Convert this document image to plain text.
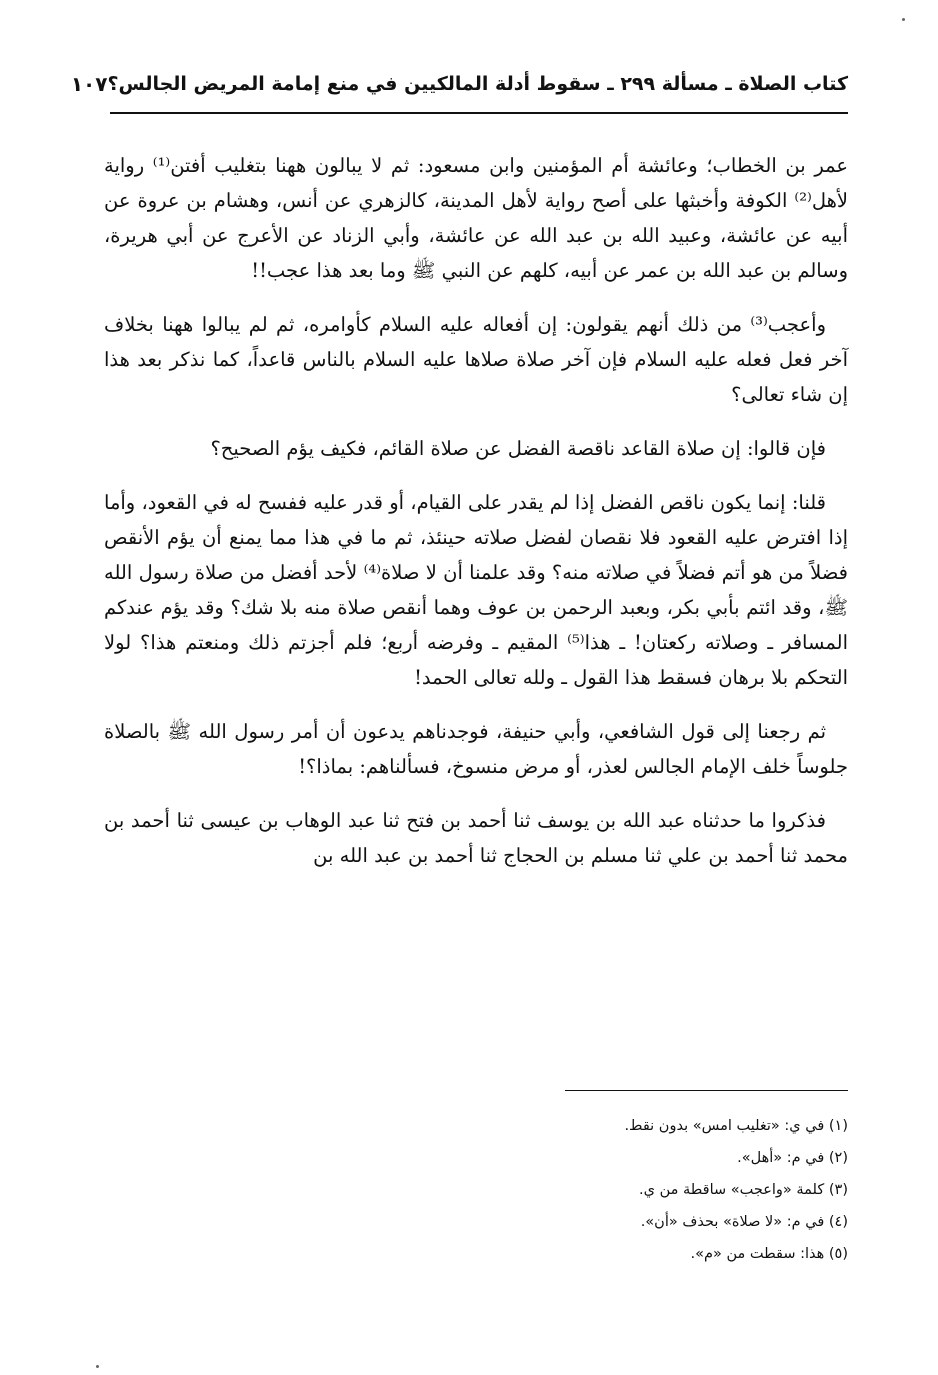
كتاب الصلاة ـ مسألة ٢٩٩ ـ سقوط أدلة المالكيين في منع إمامة المريض الجالس؟
١٠٧

عمر بن الخطاب؛ وعائشة أم المؤمنين وابن مسعود: ثم لا يبالون ههنا بتغليب أفتن⁽¹⁾ رواية لأهل⁽²⁾ الكوفة وأخبثها على أصح رواية لأهل المدينة، كالزهري عن أنس، وهشام بن عروة عن أبيه عن عائشة، وعبيد الله بن عبد الله عن عائشة، وأبي الزناد عن الأعرج عن أبي هريرة، وسالم بن عبد الله بن عمر عن أبيه، كلهم عن النبي ﷺ وما بعد هذا عجب!!

وأعجب⁽³⁾ من ذلك أنهم يقولون: إن أفعاله عليه السلام كأوامره، ثم لم يبالوا ههنا بخلاف آخر فعل فعله عليه السلام فإن آخر صلاة صلاها عليه السلام بالناس قاعداً، كما نذكر بعد هذا إن شاء تعالى؟

فإن قالوا: إن صلاة القاعد ناقصة الفضل عن صلاة القائم، فكيف يؤم الصحيح؟

قلنا: إنما يكون ناقص الفضل إذا لم يقدر على القيام، أو قدر عليه ففسح له في القعود، وأما إذا افترض عليه القعود فلا نقصان لفضل صلاته حينئذ، ثم ما في هذا مما يمنع أن يؤم الأنقص فضلاً من هو أتم فضلاً في صلاته منه؟ وقد علمنا أن لا صلاة⁽⁴⁾ لأحد أفضل من صلاة رسول الله ﷺ، وقد ائتم بأبي بكر، وبعبد الرحمن بن عوف وهما أنقص صلاة منه بلا شك؟ وقد يؤم عندكم المسافر ـ وصلاته ركعتان! ـ هذا⁽⁵⁾ المقيم ـ وفرضه أربع؛ فلم أجزتم ذلك ومنعتم هذا؟ لولا التحكم بلا برهان فسقط هذا القول ـ ولله تعالى الحمد!

ثم رجعنا إلى قول الشافعي، وأبي حنيفة، فوجدناهم يدعون أن أمر رسول الله ﷺ بالصلاة جلوساً خلف الإمام الجالس لعذر، أو مرض منسوخ، فسألناهم: بماذا؟!

فذكروا ما حدثناه عبد الله بن يوسف ثنا أحمد بن فتح ثنا عبد الوهاب بن عيسى ثنا أحمد بن محمد ثنا أحمد بن علي ثنا مسلم بن الحجاج ثنا أحمد بن عبد الله بن

(١) في ي: «تغليب امس» بدون نقط.
(٢) في م: «أهل».
(٣) كلمة «واعجب» ساقطة من ي.
(٤) في م: «لا صلاة» بحذف «أن».
(٥) هذا: سقطت من «م».
